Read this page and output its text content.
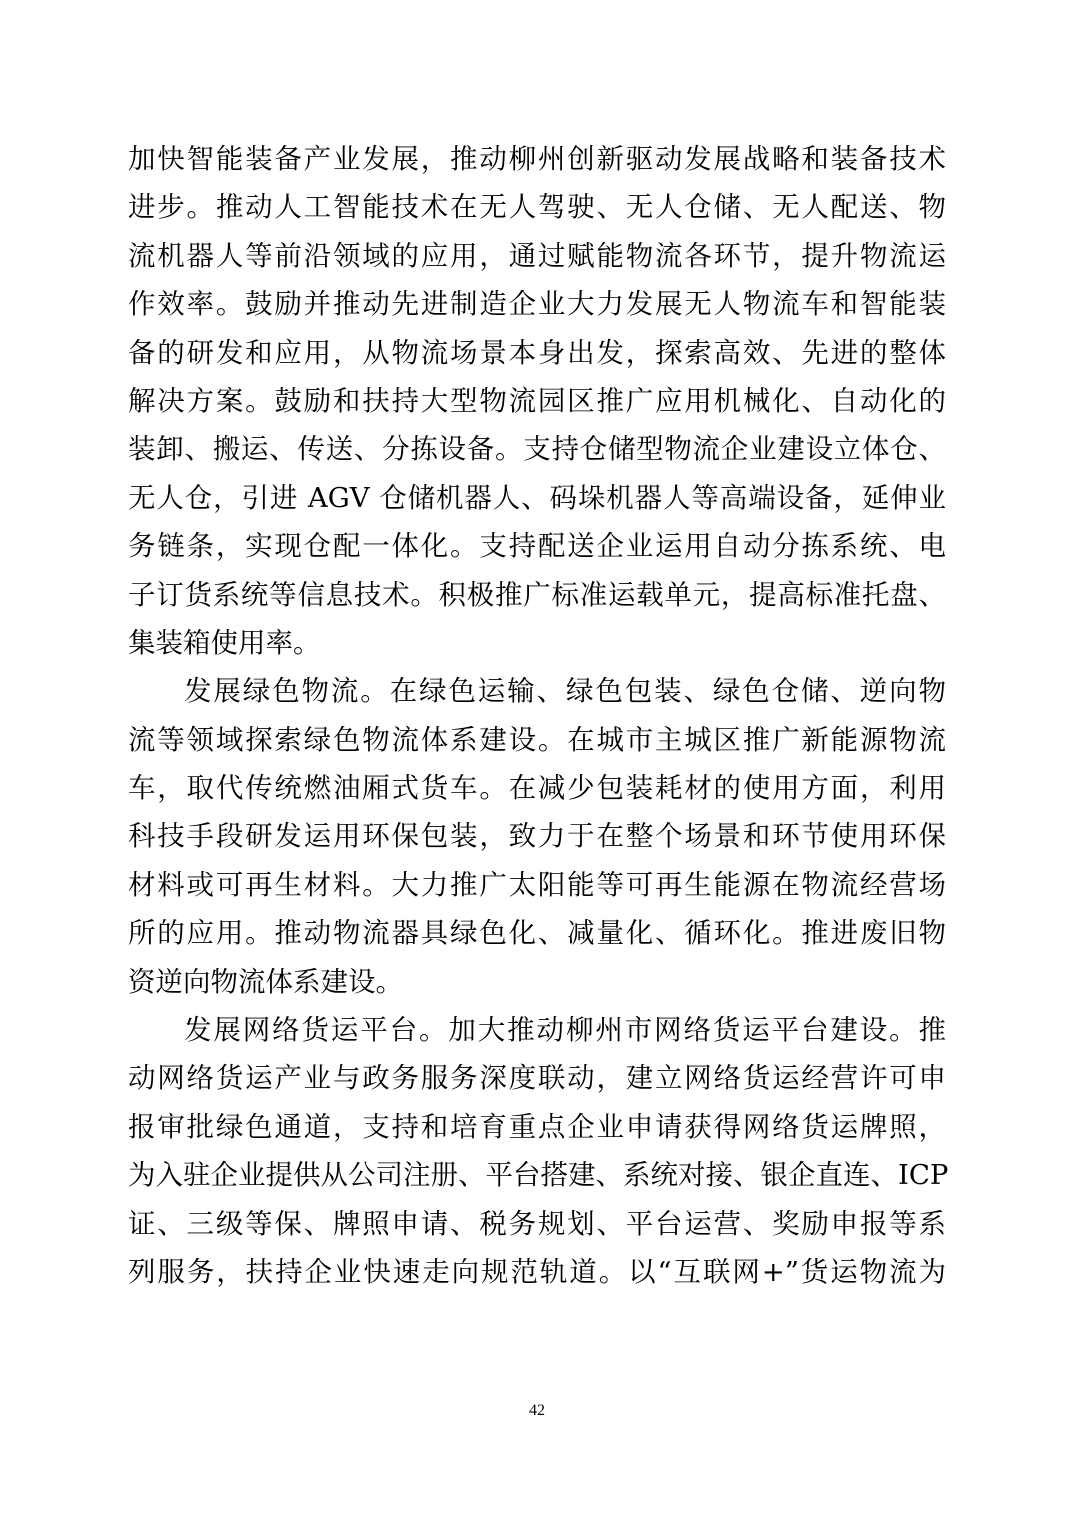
加快智能装备产业发展，推动柳州创新驱动发展战略和装备技术
进步。推动人工智能技术在无人驾驶、无人仓储、无人配送、物
流机器人等前沿领域的应用，通过赋能物流各环节，提升物流运
作效率。鼓励并推动先进制造企业大力发展无人物流车和智能装
备的研发和应用，从物流场景本身出发，探索高效、先进的整体
解决方案。鼓励和扶持大型物流园区推广应用机械化、自动化的
装卸、搬运、传送、分拣设备。支持仓储型物流企业建设立体仓、
无人仓，引进 AGV 仓储机器人、码垛机器人等高端设备，延伸业
务链条，实现仓配一体化。支持配送企业运用自动分拣系统、电
子订货系统等信息技术。积极推广标准运载单元，提高标准托盘、
集装箱使用率。
发展绿色物流。在绿色运输、绿色包装、绿色仓储、逆向物
流等领域探索绿色物流体系建设。在城市主城区推广新能源物流
车，取代传统燃油厢式货车。在减少包装耗材的使用方面，利用
科技手段研发运用环保包装，致力于在整个场景和环节使用环保
材料或可再生材料。大力推广太阳能等可再生能源在物流经营场
所的应用。推动物流器具绿色化、减量化、循环化。推进废旧物
资逆向物流体系建设。
发展网络货运平台。加大推动柳州市网络货运平台建设。推
动网络货运产业与政务服务深度联动，建立网络货运经营许可申
报审批绿色通道，支持和培育重点企业申请获得网络货运牌照，
为入驻企业提供从公司注册、平台搭建、系统对接、银企直连、ICP
证、三级等保、牌照申请、税务规划、平台运营、奖励申报等系
列服务，扶持企业快速走向规范轨道。以“互联网+”货运物流为
42
